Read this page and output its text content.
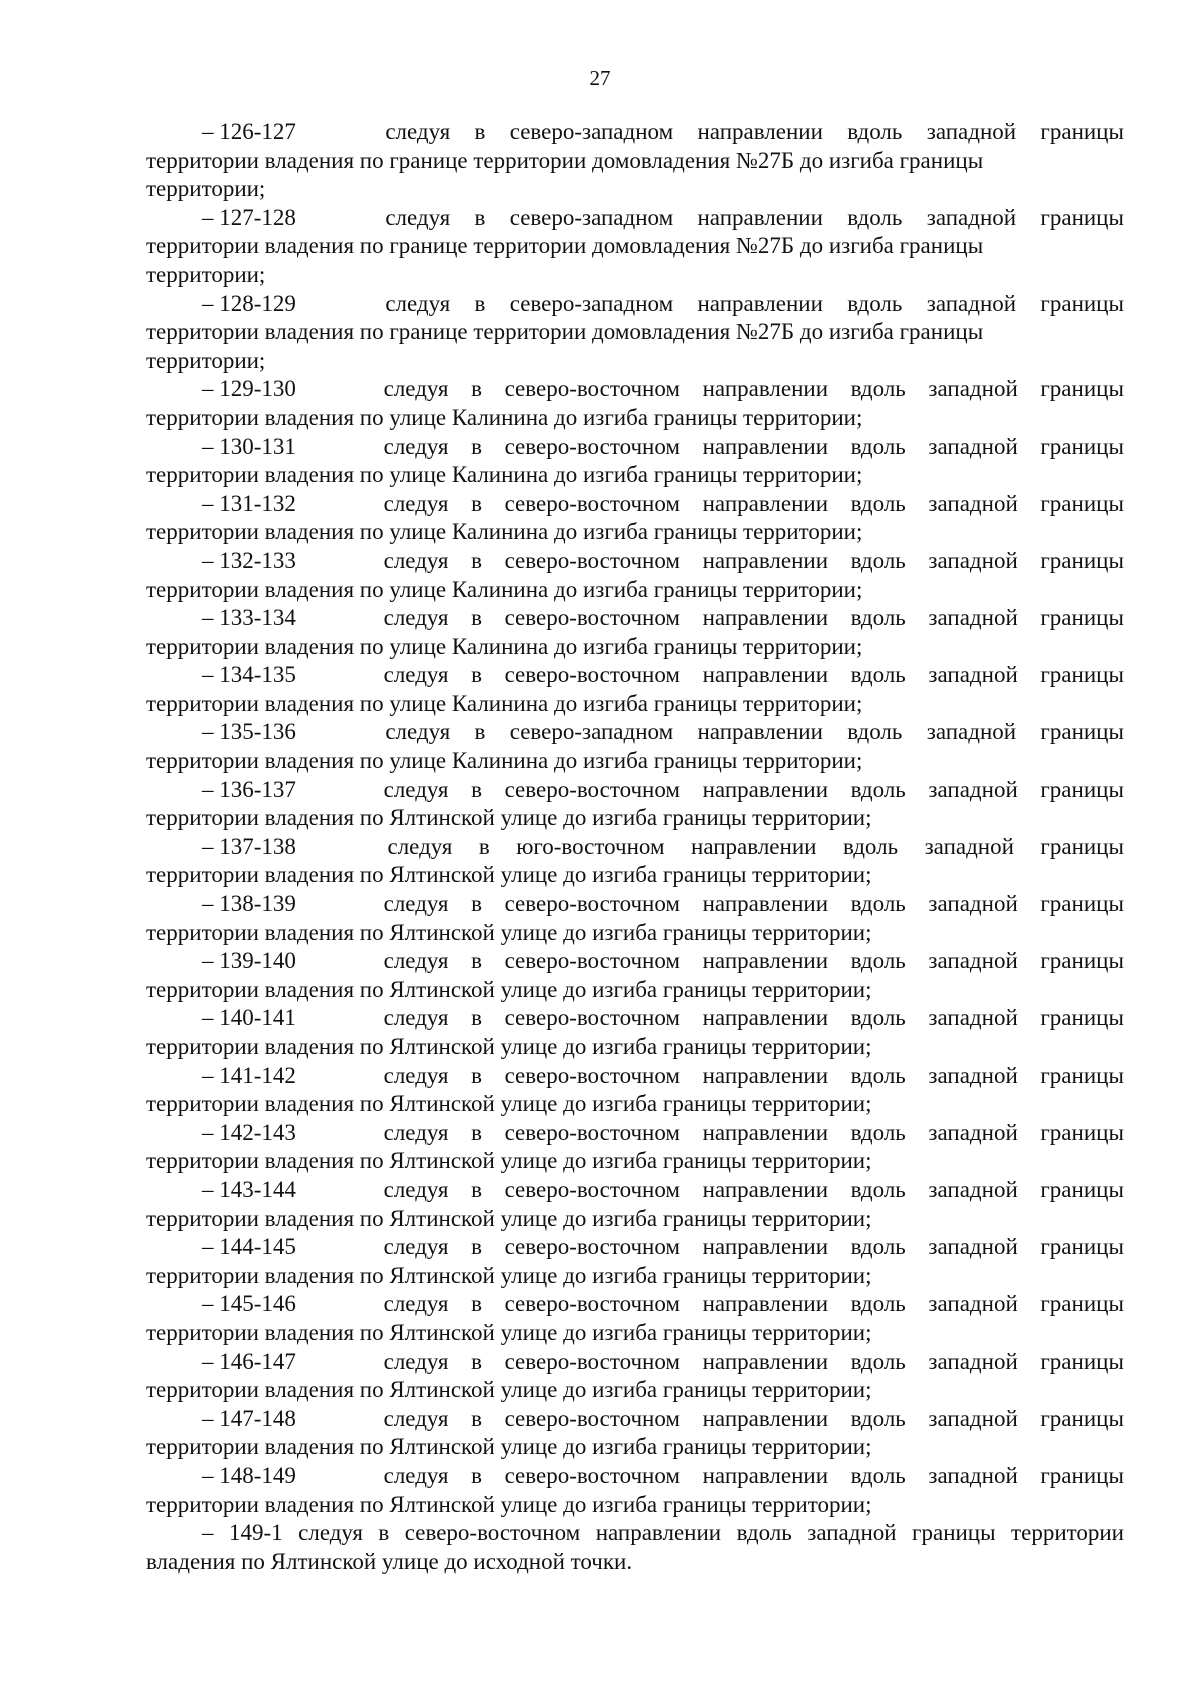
27
– 126-127	следуя в северо-западном направлении вдоль западной границы
территории владения по границе территории домовладения №27Б до изгиба границы
территории;
– 127-128	следуя в северо-западном направлении вдоль западной границы
территории владения по границе территории домовладения №27Б до изгиба границы
территории;
– 128-129	следуя в северо-западном направлении вдоль западной границы
территории владения по границе территории домовладения №27Б до изгиба границы
территории;
– 129-130	следуя в северо-восточном направлении вдоль западной границы
территории владения по улице Калинина до изгиба границы территории;
– 130-131	следуя в северо-восточном направлении вдоль западной границы
территории владения по улице Калинина до изгиба границы территории;
– 131-132	следуя в северо-восточном направлении вдоль западной границы
территории владения по улице Калинина до изгиба границы территории;
– 132-133	следуя в северо-восточном направлении вдоль западной границы
территории владения по улице Калинина до изгиба границы территории;
– 133-134	следуя в северо-восточном направлении вдоль западной границы
территории владения по улице Калинина до изгиба границы территории;
– 134-135	следуя в северо-восточном направлении вдоль западной границы
территории владения по улице Калинина до изгиба границы территории;
– 135-136	следуя в северо-западном направлении вдоль западной границы
территории владения по улице Калинина до изгиба границы территории;
– 136-137	следуя в северо-восточном направлении вдоль западной границы
территории владения по Ялтинской улице до изгиба границы территории;
– 137-138	следуя в юго-восточном направлении вдоль западной границы
территории владения по Ялтинской улице до изгиба границы территории;
– 138-139	следуя в северо-восточном направлении вдоль западной границы
территории владения по Ялтинской улице до изгиба границы территории;
– 139-140	следуя в северо-восточном направлении вдоль западной границы
территории владения по Ялтинской улице до изгиба границы территории;
– 140-141	следуя в северо-восточном направлении вдоль западной границы
территории владения по Ялтинской улице до изгиба границы территории;
– 141-142	следуя в северо-восточном направлении вдоль западной границы
территории владения по Ялтинской улице до изгиба границы территории;
– 142-143	следуя в северо-восточном направлении вдоль западной границы
территории владения по Ялтинской улице до изгиба границы территории;
– 143-144	следуя в северо-восточном направлении вдоль западной границы
территории владения по Ялтинской улице до изгиба границы территории;
– 144-145	следуя в северо-восточном направлении вдоль западной границы
территории владения по Ялтинской улице до изгиба границы территории;
– 145-146	следуя в северо-восточном направлении вдоль западной границы
территории владения по Ялтинской улице до изгиба границы территории;
– 146-147	следуя в северо-восточном направлении вдоль западной границы
территории владения по Ялтинской улице до изгиба границы территории;
– 147-148	следуя в северо-восточном направлении вдоль западной границы
территории владения по Ялтинской улице до изгиба границы территории;
– 148-149	следуя в северо-восточном направлении вдоль западной границы
территории владения по Ялтинской улице до изгиба границы территории;
– 149-1 следуя в северо-восточном направлении вдоль западной границы территории владения по Ялтинской улице до исходной точки.
